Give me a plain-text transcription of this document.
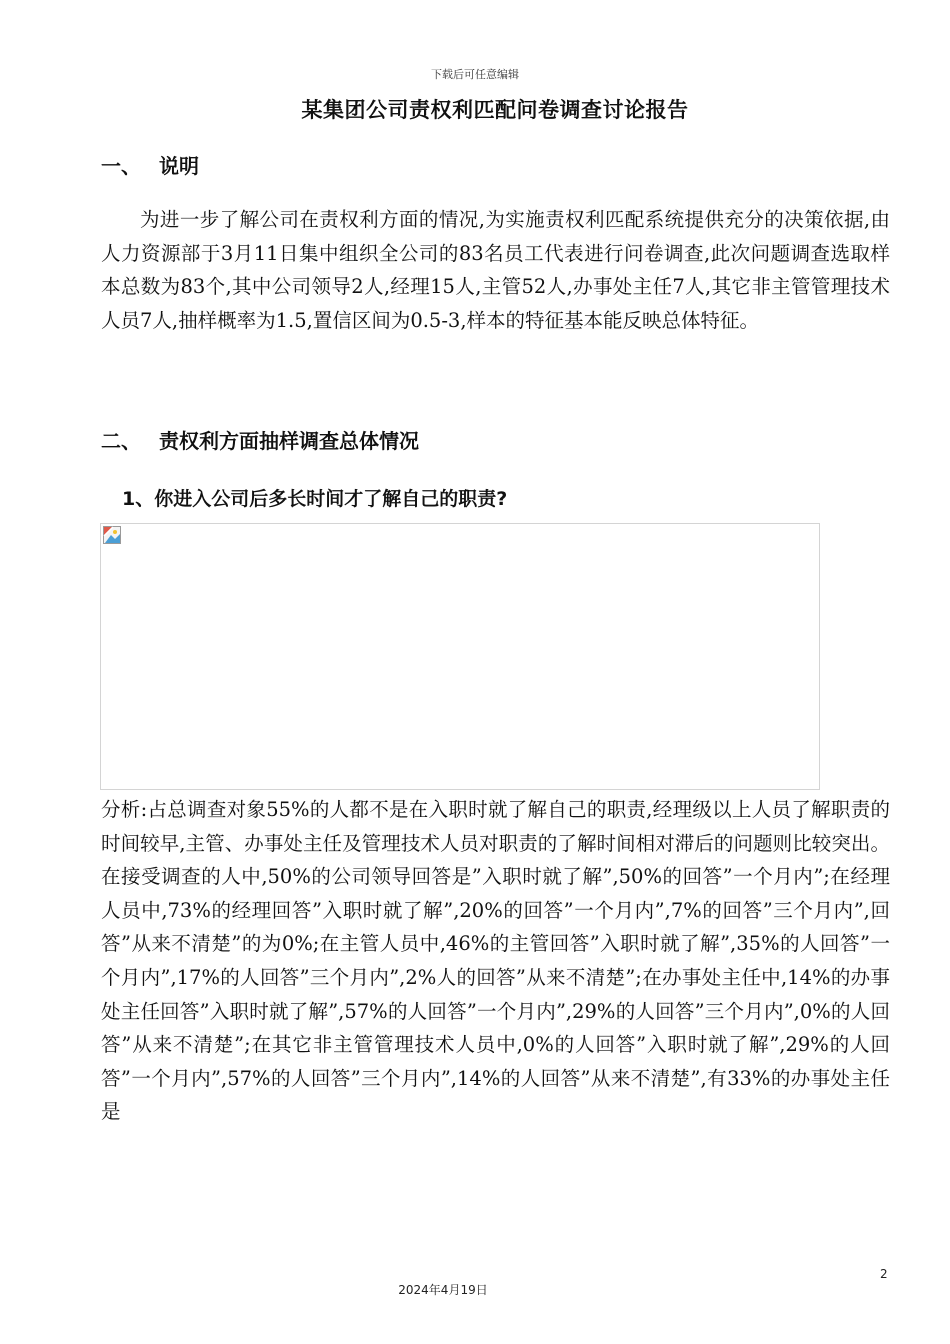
下载后可任意编辑
某集团公司责权利匹配问卷调查讨论报告
一、 说明
为进一步了解公司在责权利方面的情况,为实施责权利匹配系统提供充分的决策依据,由人力资源部于3月11日集中组织全公司的83名员工代表进行问卷调查,此次问题调查选取样本总数为83个,其中公司领导2人,经理15人,主管52人,办事处主任7人,其它非主管管理技术人员7人,抽样概率为1.5,置信区间为0.5-3,样本的特征基本能反映总体特征。
二、 责权利方面抽样调查总体情况
1、你进入公司后多长时间才了解自己的职责?
分析:占总调查对象55%的人都不是在入职时就了解自己的职责,经理级以上人员了解职责的时间较早,主管、办事处主任及管理技术人员对职责的了解时间相对滞后的问题则比较突出。在接受调查的人中,50%的公司领导回答是”入职时就了解”,50%的回答”一个月内”;在经理人员中,73%的经理回答”入职时就了解”,20%的回答”一个月内”,7%的回答”三个月内”,回答”从来不清楚”的为0%;在主管人员中,46%的主管回答”入职时就了解”,35%的人回答”一个月内”,17%的人回答”三个月内”,2%人的回答”从来不清楚”;在办事处主任中,14%的办事处主任回答”入职时就了解”,57%的人回答”一个月内”,29%的人回答”三个月内”,0%的人回答”从来不清楚”;在其它非主管管理技术人员中,0%的人回答”入职时就了解”,29%的人回答”一个月内”,57%的人回答”三个月内”,14%的人回答”从来不清楚”,有33%的办事处主任是
2
2024年4月19日
